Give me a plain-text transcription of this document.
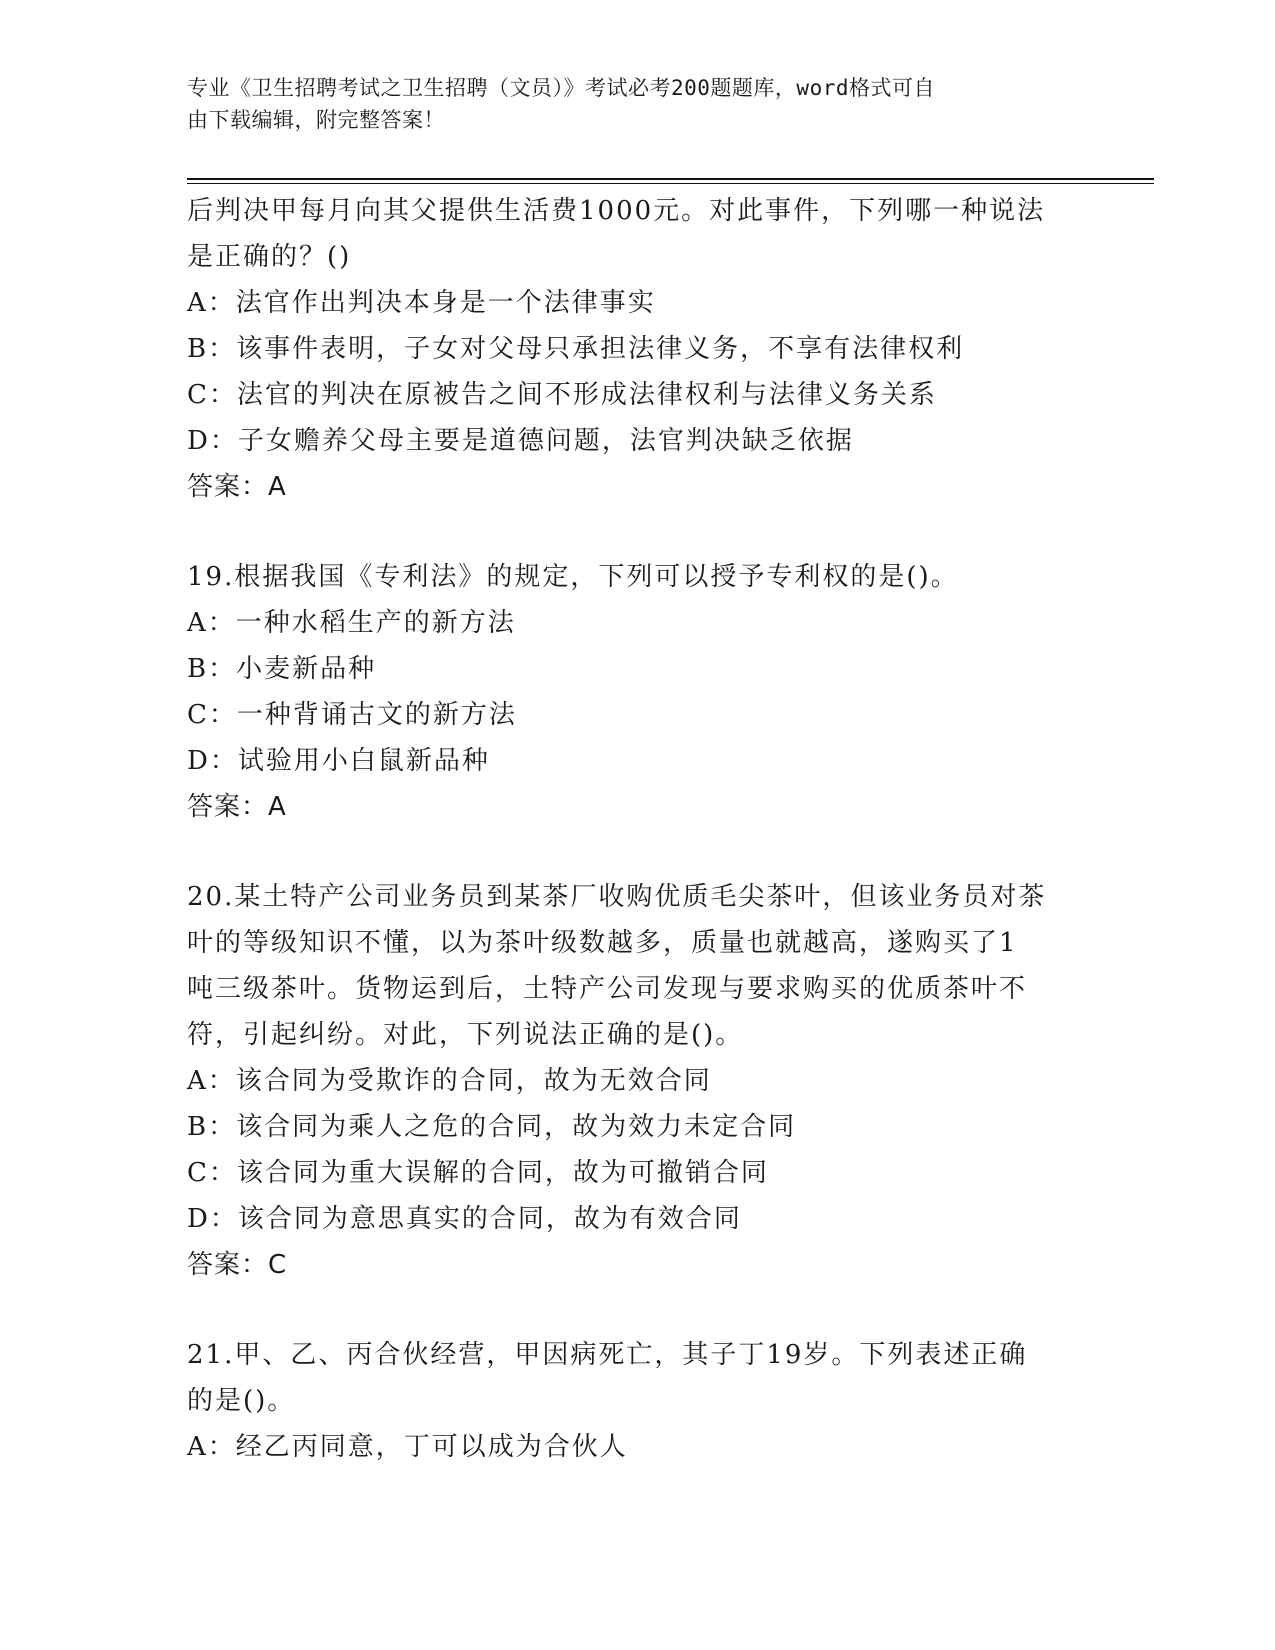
专业《卫生招聘考试之卫生招聘（文员）》考试必考200题题库，word格式可自
由下载编辑，附完整答案！
后判决甲每月向其父提供生活费1000元。对此事件，下列哪一种说法
是正确的？()
A：法官作出判决本身是一个法律事实
B：该事件表明，子女对父母只承担法律义务，不享有法律权利
C：法官的判决在原被告之间不形成法律权利与法律义务关系
D：子女赡养父母主要是道德问题，法官判决缺乏依据
答案：A
19.根据我国《专利法》的规定，下列可以授予专利权的是()。
A：一种水稻生产的新方法
B：小麦新品种
C：一种背诵古文的新方法
D：试验用小白鼠新品种
答案：A
20.某土特产公司业务员到某茶厂收购优质毛尖茶叶，但该业务员对茶
叶的等级知识不懂，以为茶叶级数越多，质量也就越高，遂购买了1
吨三级茶叶。货物运到后，土特产公司发现与要求购买的优质茶叶不
符，引起纠纷。对此，下列说法正确的是()。
A：该合同为受欺诈的合同，故为无效合同
B：该合同为乘人之危的合同，故为效力未定合同
C：该合同为重大误解的合同，故为可撤销合同
D：该合同为意思真实的合同，故为有效合同
答案：C
21.甲、乙、丙合伙经营，甲因病死亡，其子丁19岁。下列表述正确
的是()。
A：经乙丙同意，丁可以成为合伙人
